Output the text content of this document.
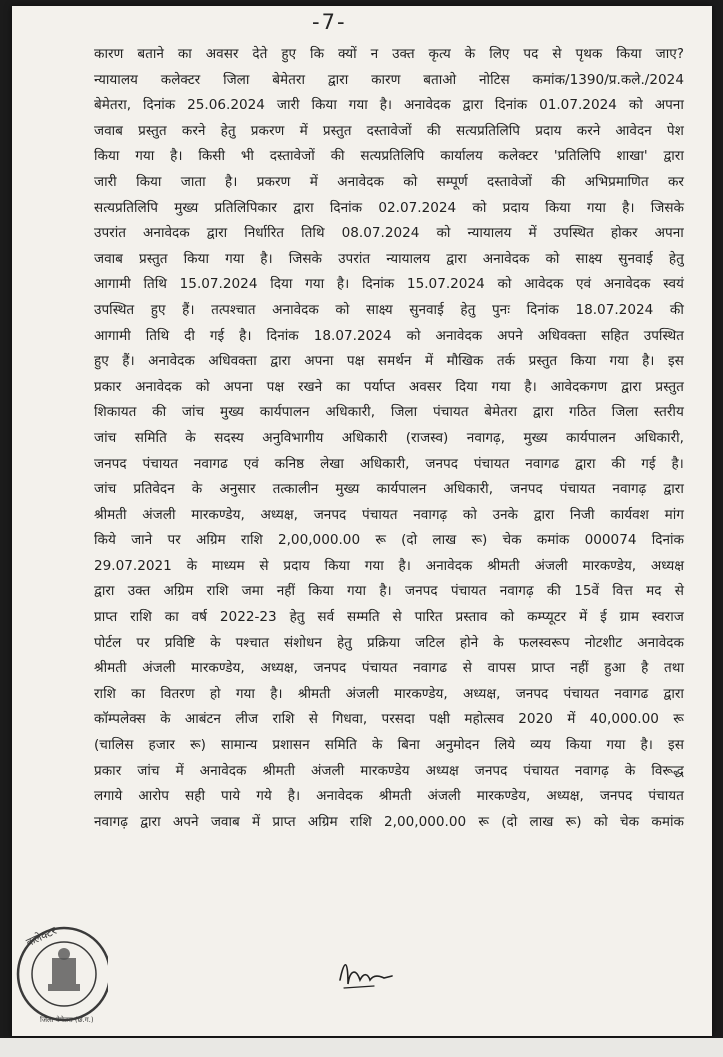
-7-
कारण बताने का अवसर देते हुए कि क्यों न उक्त कृत्य के लिए पद से पृथक किया जाए?
न्यायालय कलेक्टर जिला बेमेतरा द्वारा कारण बताओ नोटिस कमांक/1390/प्र.कले./2024
बेमेतरा, दिनांक 25.06.2024 जारी किया गया है। अनावेदक द्वारा दिनांक 01.07.2024 को अपना
जवाब प्रस्तुत करने हेतु प्रकरण में प्रस्तुत दस्तावेजों की सत्यप्रतिलिपि प्रदाय करने आवेदन पेश
किया गया है। किसी भी दस्तावेजों की सत्यप्रतिलिपि कार्यालय कलेक्टर 'प्रतिलिपि शाखा' द्वारा
जारी किया जाता है। प्रकरण में अनावेदक को सम्पूर्ण दस्तावेजों की अभिप्रमाणित कर
सत्यप्रतिलिपि मुख्य प्रतिलिपिकार द्वारा दिनांक 02.07.2024 को प्रदाय किया गया है। जिसके
उपरांत अनावेदक द्वारा निर्धारित तिथि 08.07.2024 को न्यायालय में उपस्थित होकर अपना
जवाब प्रस्तुत किया गया है। जिसके उपरांत न्यायालय द्वारा अनावेदक को साक्ष्य सुनवाई हेतु
आगामी तिथि 15.07.2024 दिया गया है। दिनांक 15.07.2024 को आवेदक एवं अनावेदक स्वयं
उपस्थित हुए हैं। तत्पश्चात अनावेदक को साक्ष्य सुनवाई हेतु पुनः दिनांक 18.07.2024 की
आगामी तिथि दी गई है। दिनांक 18.07.2024 को अनावेदक अपने अधिवक्ता सहित उपस्थित
हुए हैं। अनावेदक अधिवक्ता द्वारा अपना पक्ष समर्थन में मौखिक तर्क प्रस्तुत किया गया है। इस
प्रकार अनावेदक को अपना पक्ष रखने का पर्याप्त अवसर दिया गया है। आवेदकगण द्वारा प्रस्तुत
शिकायत की जांच मुख्य कार्यपालन अधिकारी, जिला पंचायत बेमेतरा द्वारा गठित जिला स्तरीय
जांच समिति के सदस्य अनुविभागीय अधिकारी (राजस्व) नवागढ़, मुख्य कार्यपालन अधिकारी,
जनपद पंचायत नवागढ एवं कनिष्ठ लेखा अधिकारी, जनपद पंचायत नवागढ द्वारा की गई है।
जांच प्रतिवेदन के अनुसार तत्कालीन मुख्य कार्यपालन अधिकारी, जनपद पंचायत नवागढ़ द्वारा
श्रीमती अंजली मारकण्डेय, अध्यक्ष, जनपद पंचायत नवागढ़ को उनके द्वारा निजी कार्यवश मांग
किये जाने पर अग्रिम राशि 2,00,000.00 रू (दो लाख रू) चेक कमांक 000074 दिनांक
29.07.2021 के माध्यम से प्रदाय किया गया है। अनावेदक श्रीमती अंजली मारकण्डेय, अध्यक्ष
द्वारा उक्त अग्रिम राशि जमा नहीं किया गया है। जनपद पंचायत नवागढ़ की 15वें वित्त मद से
प्राप्त राशि का वर्ष 2022-23 हेतु सर्व सम्मति से पारित प्रस्ताव को कम्प्यूटर में ई ग्राम स्वराज
पोर्टल पर प्रविष्टि के पश्चात संशोधन हेतु प्रक्रिया जटिल होने के फलस्वरूप नोटशीट अनावेदक
श्रीमती अंजली मारकण्डेय, अध्यक्ष, जनपद पंचायत नवागढ से वापस प्राप्त नहीं हुआ है तथा
राशि का वितरण हो गया है। श्रीमती अंजली मारकण्डेय, अध्यक्ष, जनपद पंचायत नवागढ द्वारा
कॉम्पलेक्स के आबंटन लीज राशि से गिधवा, परसदा पक्षी महोत्सव 2020 में 40,000.00 रू
(चालिस हजार रू) सामान्य प्रशासन समिति के बिना अनुमोदन लिये व्यय किया गया है। इस
प्रकार जांच में अनावेदक श्रीमती अंजली मारकण्डेय अध्यक्ष जनपद पंचायत नवागढ़ के विरूद्ध
लगाये आरोप सही पाये गये है। अनावेदक श्रीमती अंजली मारकण्डेय, अध्यक्ष, जनपद पंचायत
नवागढ़ द्वारा अपने जवाब में प्राप्त अग्रिम राशि 2,00,000.00 रू (दो लाख रू) को चेक कमांक
कलेक्टर
जिला बेमेतरा (छ.ग.)
